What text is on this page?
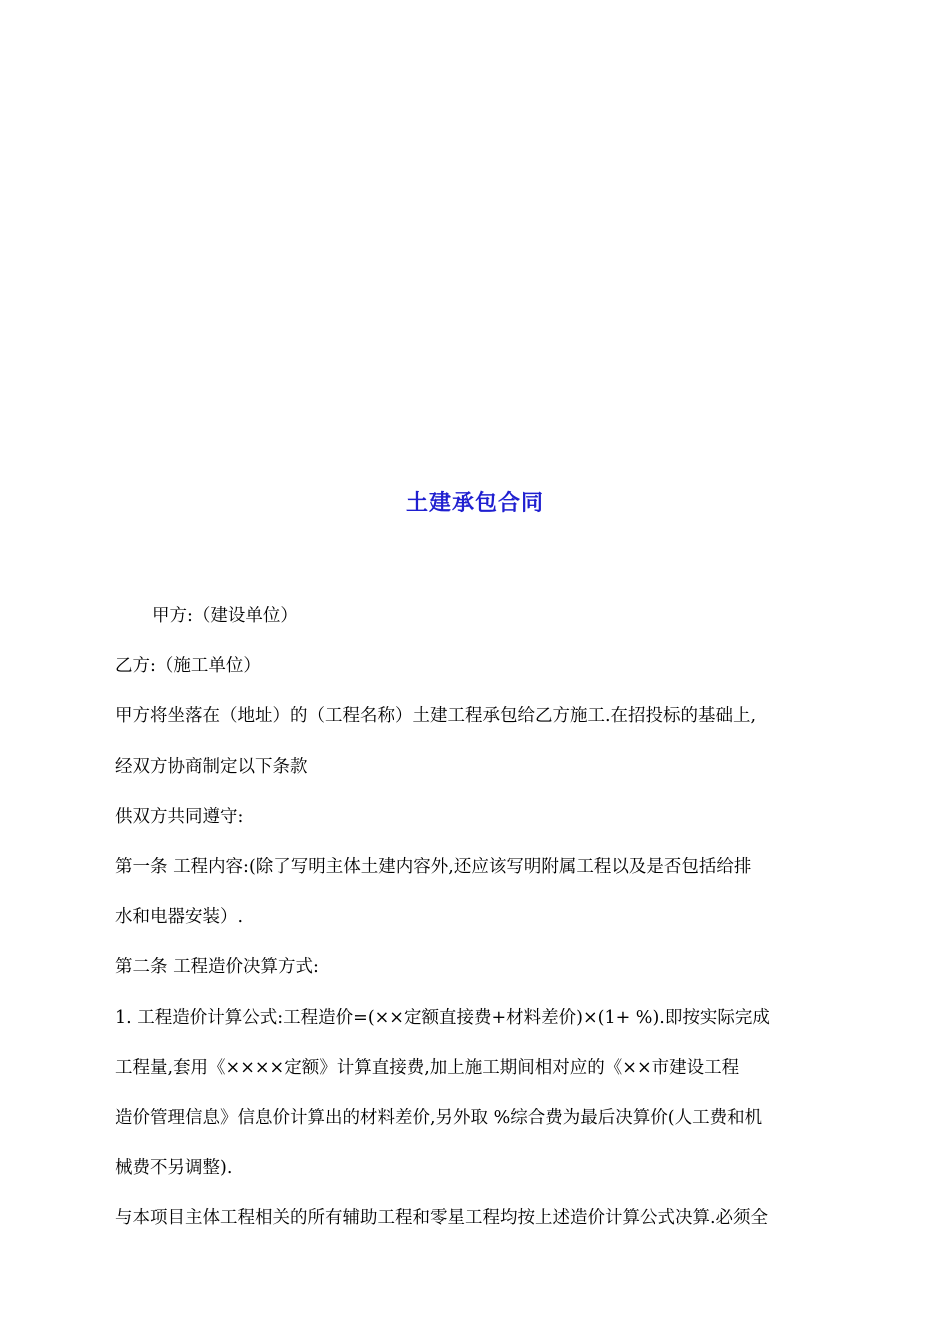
土建承包合同

甲方:（建设单位）

乙方:（施工单位）

甲方将坐落在（地址）的（工程名称）土建工程承包给乙方施工.在招投标的基础上,

经双方协商制定以下条款

供双方共同遵守:

第一条 工程内容:(除了写明主体土建内容外,还应该写明附属工程以及是否包括给排

水和电器安装）.

第二条 工程造价决算方式:

1. 工程造价计算公式:工程造价=(××定额直接费+材料差价)×(1+ %).即按实际完成

工程量,套用《××××定额》计算直接费,加上施工期间相对应的《××市建设工程

造价管理信息》信息价计算出的材料差价,另外取 %综合费为最后决算价(人工费和机

械费不另调整).

与本项目主体工程相关的所有辅助工程和零星工程均按上述造价计算公式决算.必须全
